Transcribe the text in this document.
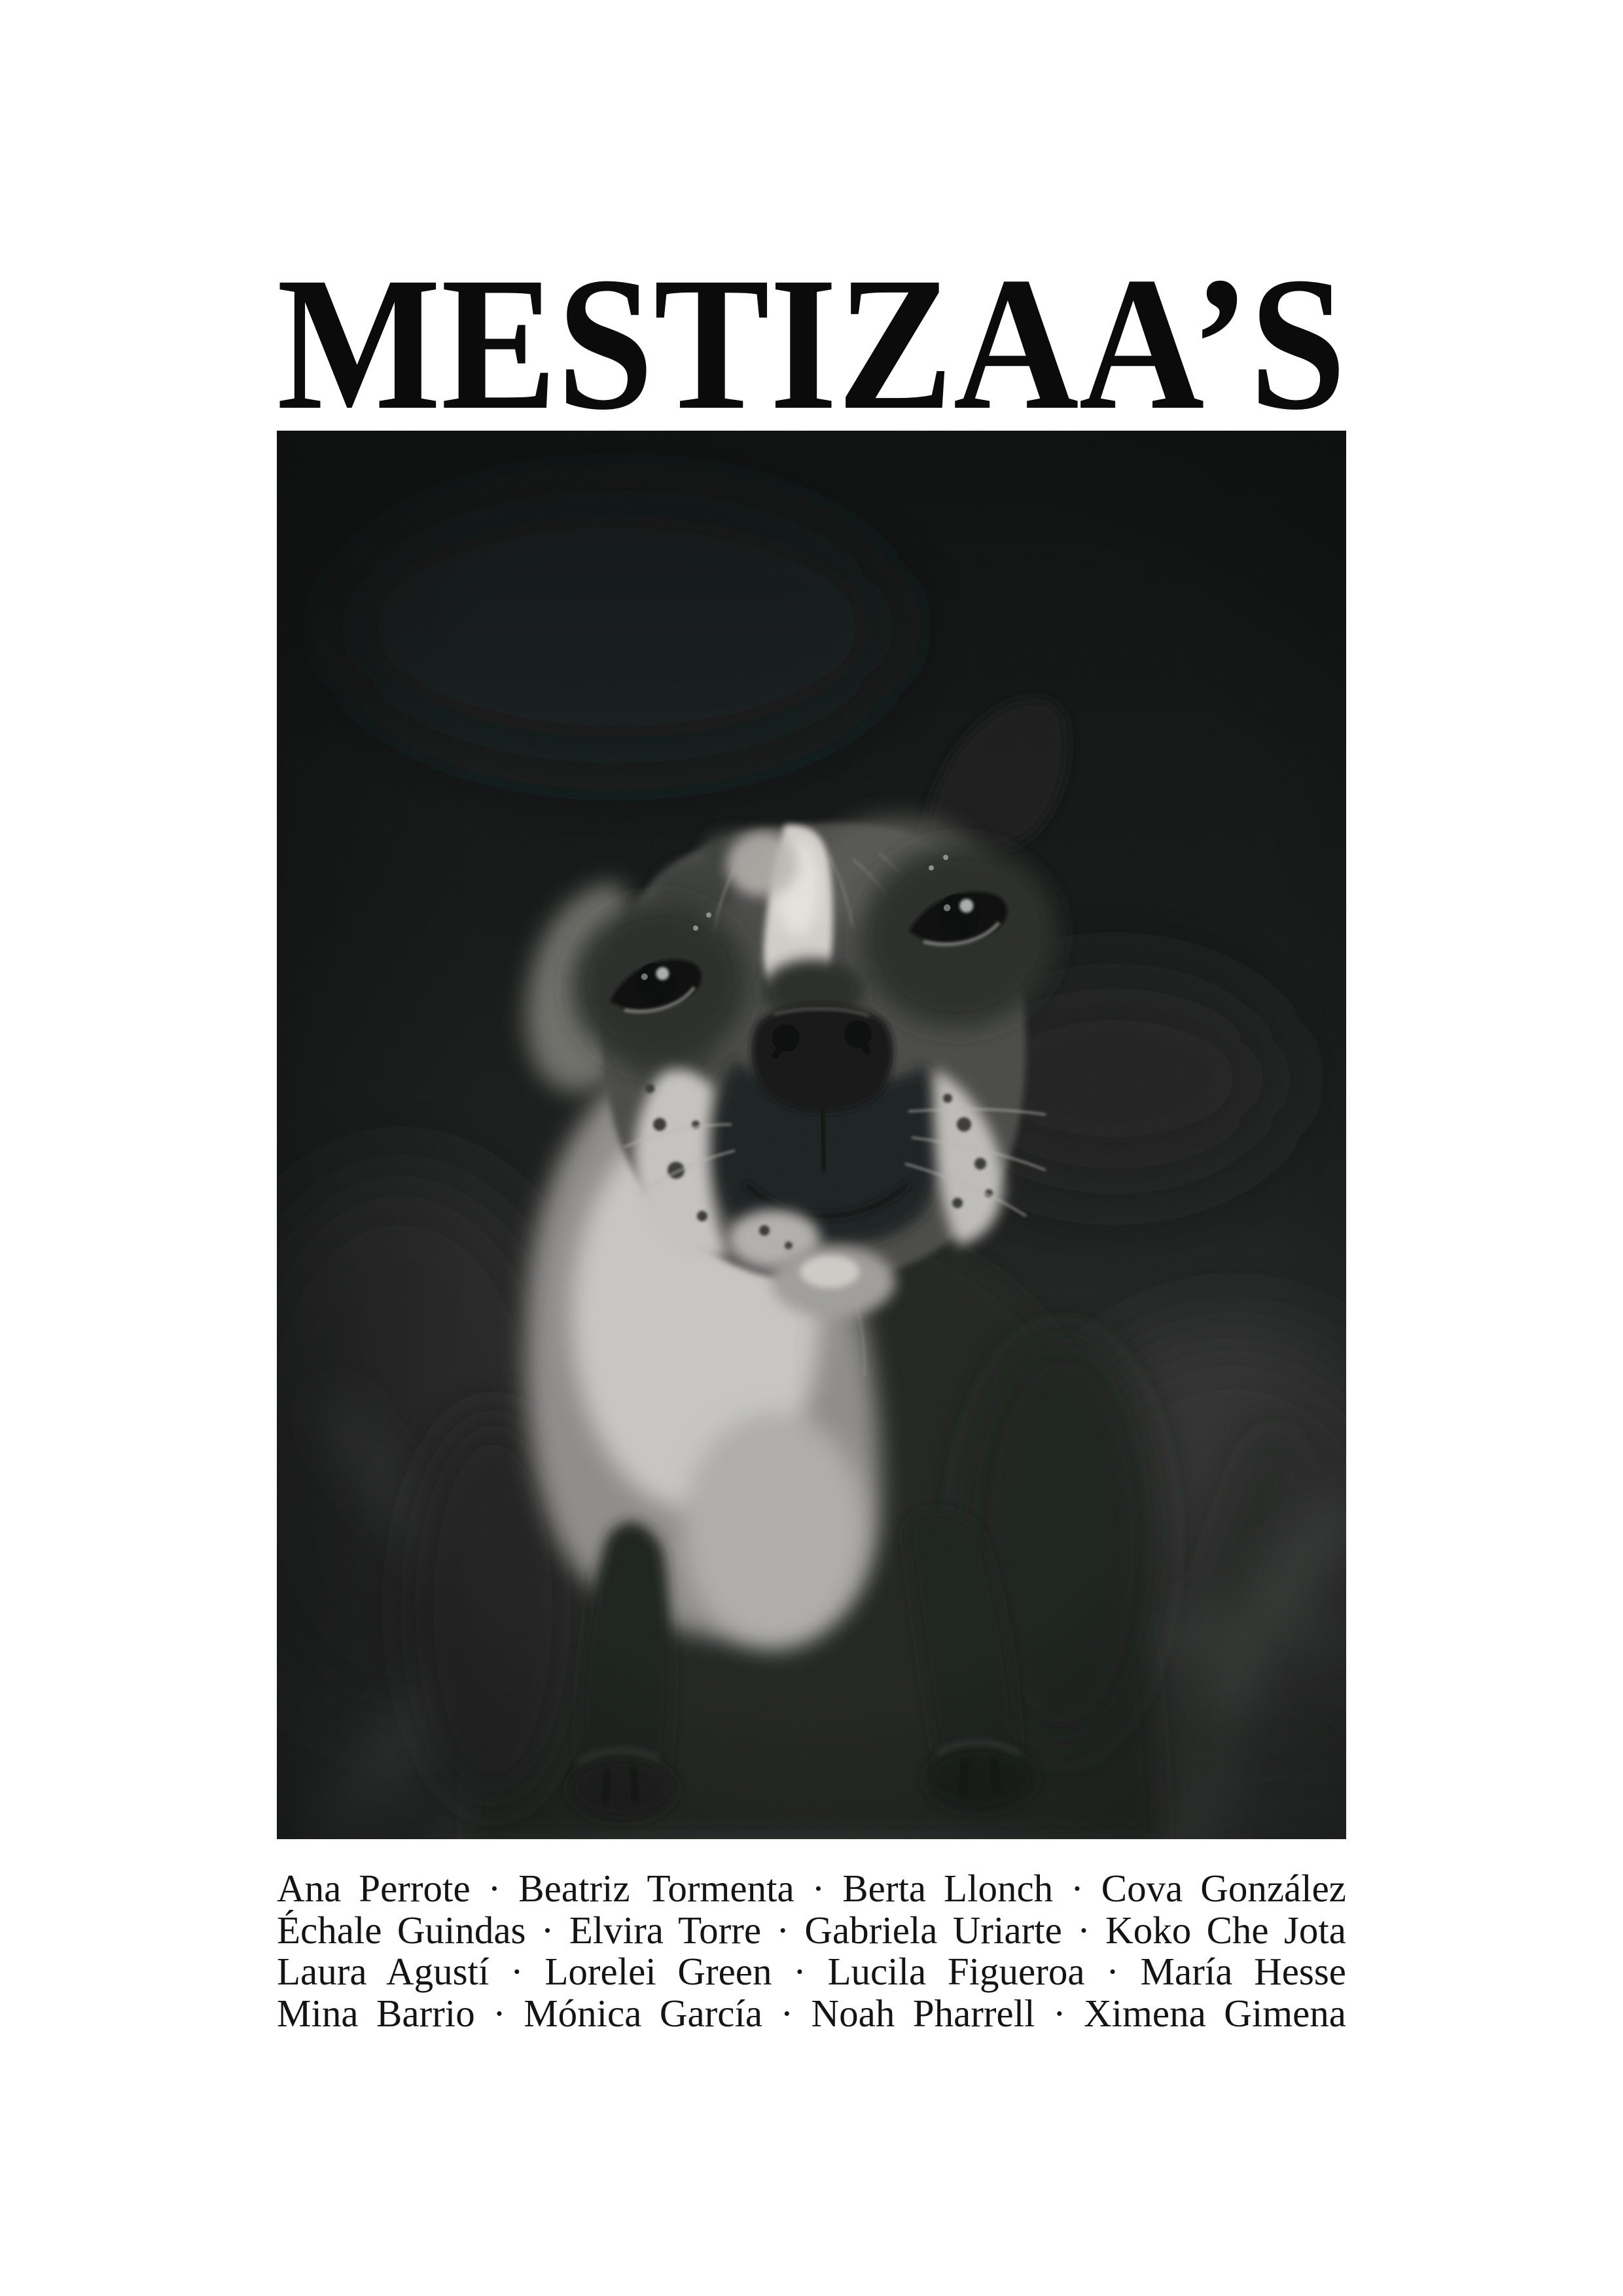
MESTIZAA’S
Ana Perrote · Beatriz Tormenta · Berta Llonch · Cova González
Échale Guindas · Elvira Torre · Gabriela Uriarte · Koko Che Jota
Laura Agustí · Lorelei Green · Lucila Figueroa · María Hesse
Mina Barrio · Mónica García · Noah Pharrell · Ximena Gimena
